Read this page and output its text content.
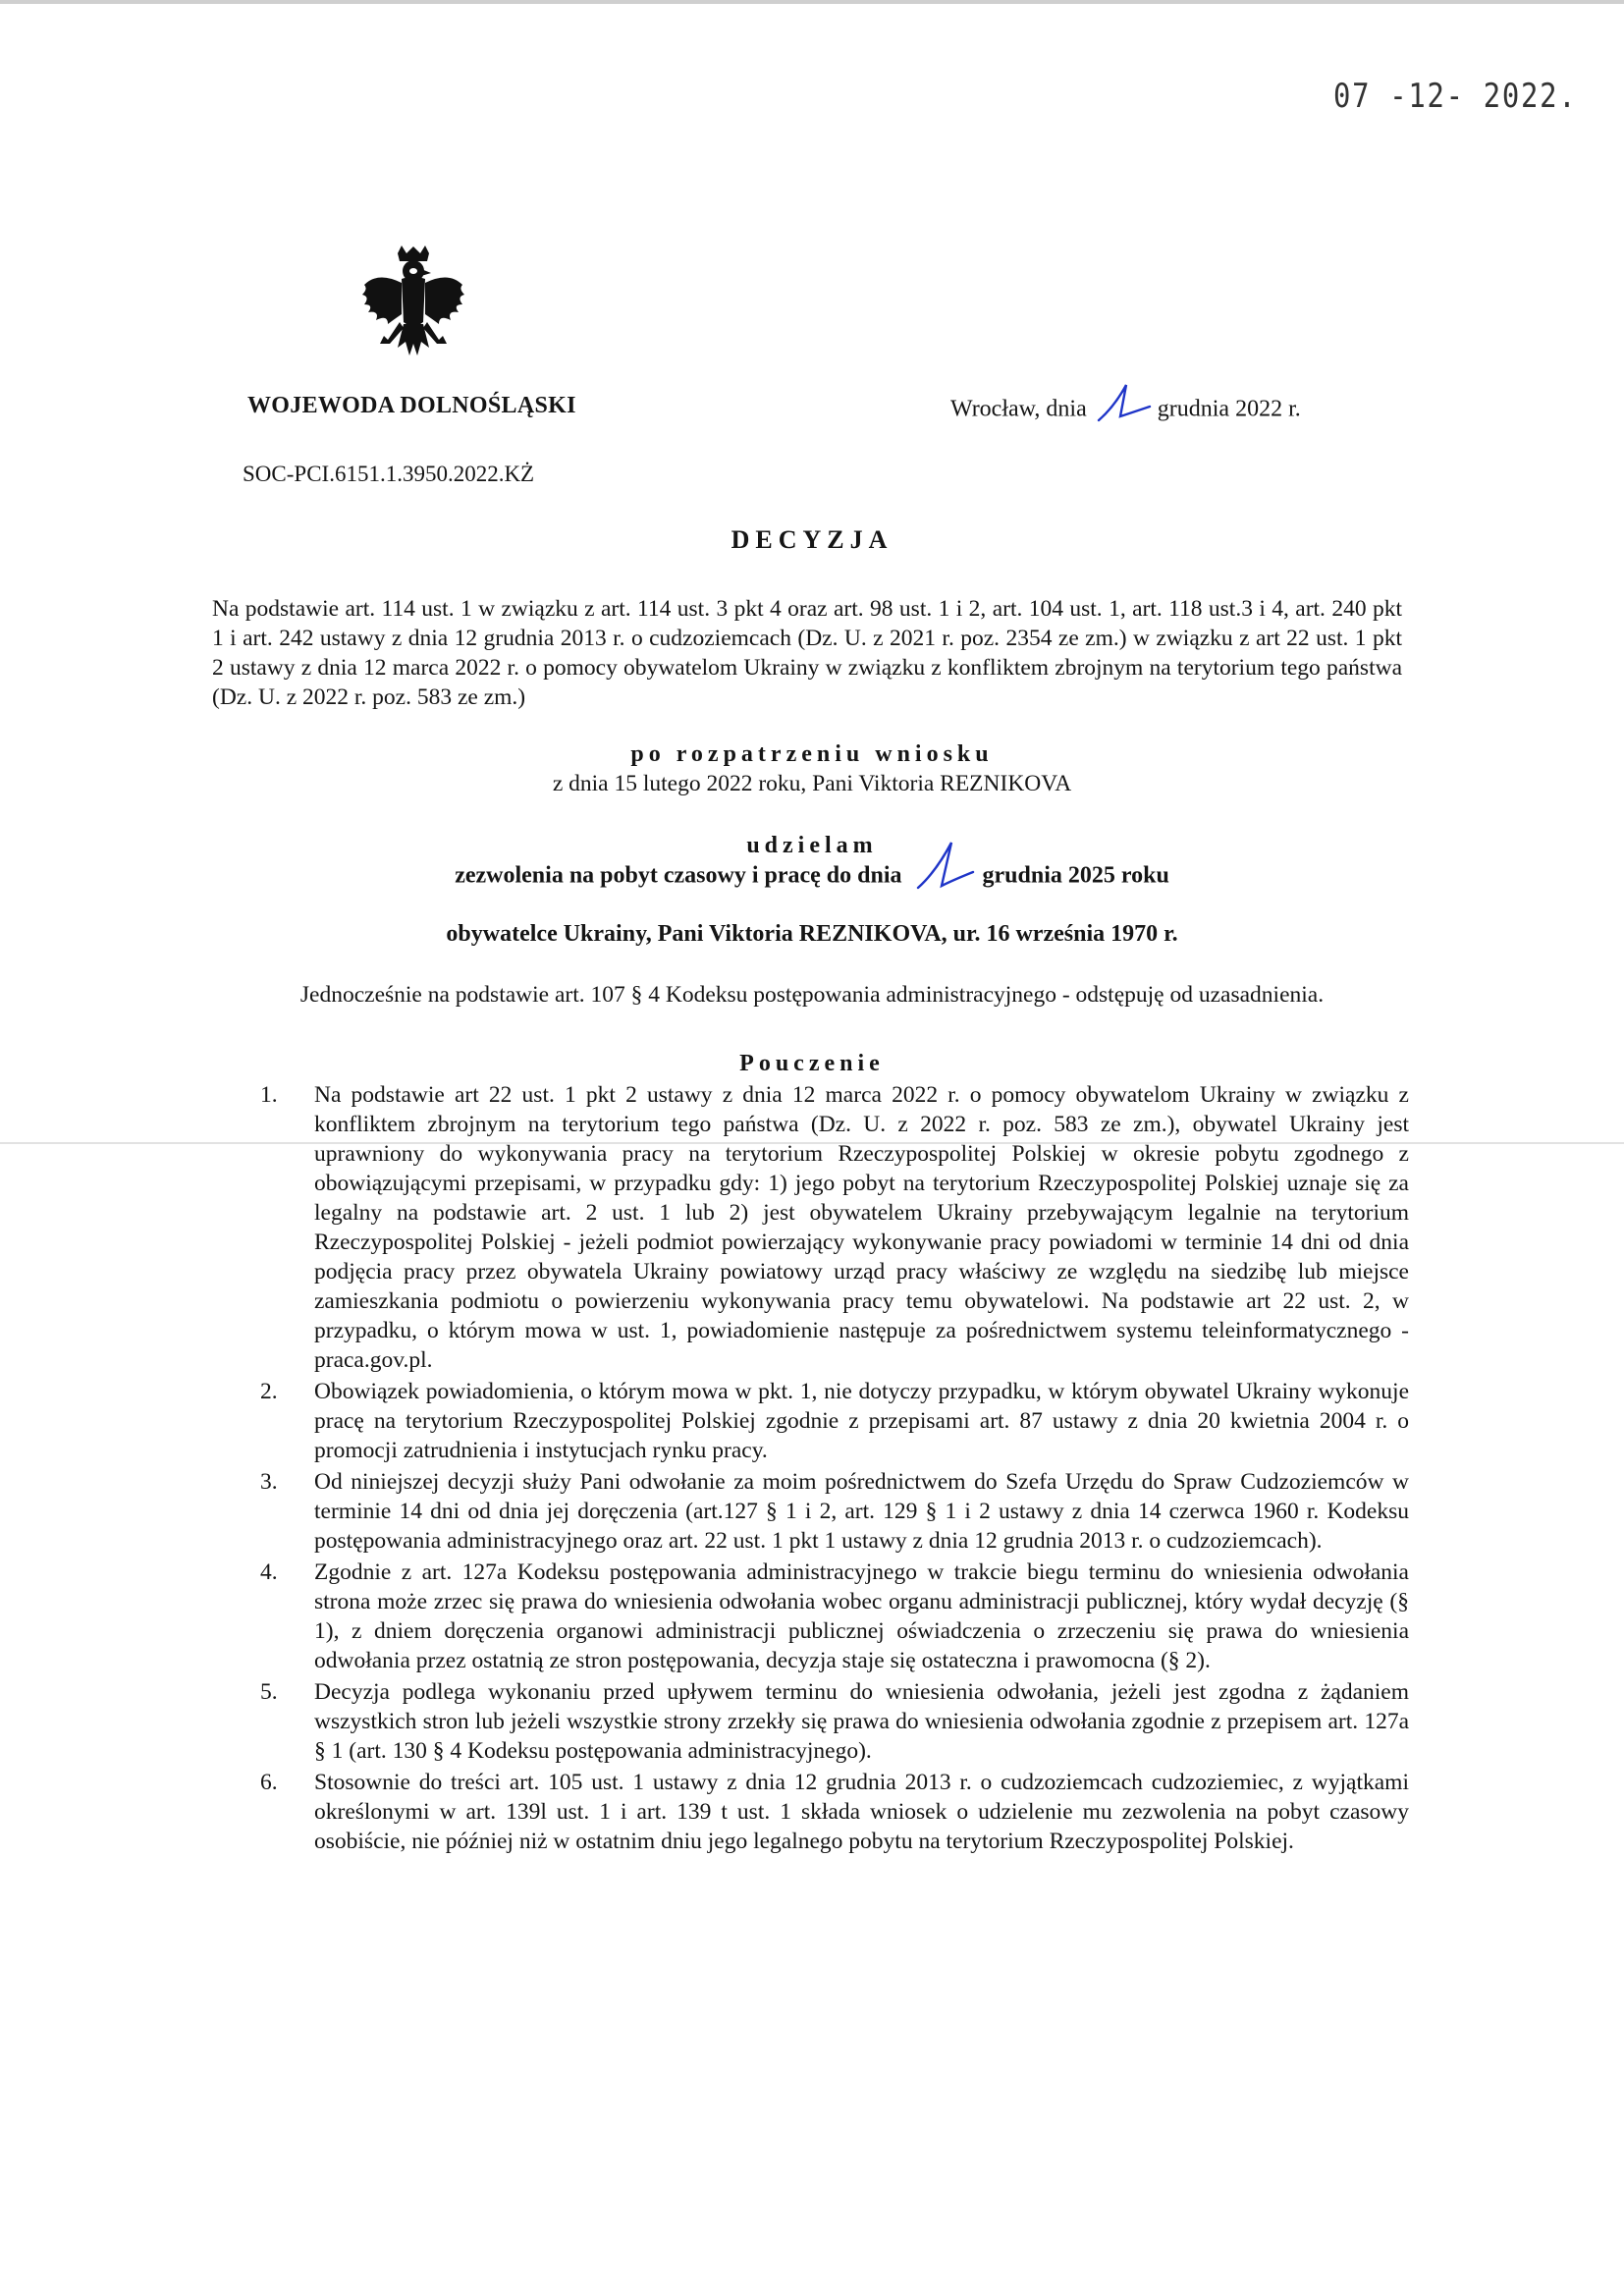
07 -12- 2022.
WOJEWODA DOLNOŚLĄSKI	Wrocław, dnia	grudnia 2022 r.
SOC-PCI.6151.1.3950.2022.KŻ
DECYZJA
Na podstawie art. 114 ust. 1 w związku z art. 114 ust. 3 pkt 4 oraz art. 98 ust. 1 i 2, art. 104 ust. 1, art. 118 ust.3 i 4, art. 240 pkt 1 i art. 242 ustawy z dnia 12 grudnia 2013 r. o cudzoziemcach (Dz. U. z 2021 r. poz. 2354 ze zm.) w związku z art 22 ust. 1 pkt 2 ustawy z dnia 12 marca 2022 r. o pomocy obywatelom Ukrainy w związku z konfliktem zbrojnym na terytorium tego państwa (Dz. U. z 2022 r. poz. 583 ze zm.)
po rozpatrzeniu wniosku
z dnia 15 lutego 2022 roku, Pani Viktoria REZNIKOVA
udzielam
zezwolenia na pobyt czasowy i pracę do dnia	grudnia 2025 roku
obywatelce Ukrainy, Pani Viktoria REZNIKOVA, ur. 16 września 1970 r.
Jednocześnie na podstawie art. 107 § 4 Kodeksu postępowania administracyjnego - odstępuję od uzasadnienia.
Pouczenie
1. Na podstawie art 22 ust. 1 pkt 2 ustawy z dnia 12 marca 2022 r. o pomocy obywatelom Ukrainy w związku z konfliktem zbrojnym na terytorium tego państwa (Dz. U. z 2022 r. poz. 583 ze zm.), obywatel Ukrainy jest uprawniony do wykonywania pracy na terytorium Rzeczypospolitej Polskiej w okresie pobytu zgodnego z obowiązującymi przepisami, w przypadku gdy: 1) jego pobyt na terytorium Rzeczypospolitej Polskiej uznaje się za legalny na podstawie art. 2 ust. 1 lub 2) jest obywatelem Ukrainy przebywającym legalnie na terytorium Rzeczypospolitej Polskiej - jeżeli podmiot powierzający wykonywanie pracy powiadomi w terminie 14 dni od dnia podjęcia pracy przez obywatela Ukrainy powiatowy urząd pracy właściwy ze względu na siedzibę lub miejsce zamieszkania podmiotu o powierzeniu wykonywania pracy temu obywatelowi. Na podstawie art 22 ust. 2, w przypadku, o którym mowa w ust. 1, powiadomienie następuje za pośrednictwem systemu teleinformatycznego - praca.gov.pl.
2. Obowiązek powiadomienia, o którym mowa w pkt. 1, nie dotyczy przypadku, w którym obywatel Ukrainy wykonuje pracę na terytorium Rzeczypospolitej Polskiej zgodnie z przepisami art. 87 ustawy z dnia 20 kwietnia 2004 r. o promocji zatrudnienia i instytucjach rynku pracy.
3. Od niniejszej decyzji służy Pani odwołanie za moim pośrednictwem do Szefa Urzędu do Spraw Cudzoziemców w terminie 14 dni od dnia jej doręczenia (art.127 § 1 i 2, art. 129 § 1 i 2 ustawy z dnia 14 czerwca 1960 r. Kodeksu postępowania administracyjnego oraz art. 22 ust. 1 pkt 1 ustawy z dnia 12 grudnia 2013 r. o cudzoziemcach).
4. Zgodnie z art. 127a Kodeksu postępowania administracyjnego w trakcie biegu terminu do wniesienia odwołania strona może zrzec się prawa do wniesienia odwołania wobec organu administracji publicznej, który wydał decyzję (§ 1), z dniem doręczenia organowi administracji publicznej oświadczenia o zrzeczeniu się prawa do wniesienia odwołania przez ostatnią ze stron postępowania, decyzja staje się ostateczna i prawomocna (§ 2).
5. Decyzja podlega wykonaniu przed upływem terminu do wniesienia odwołania, jeżeli jest zgodna z żądaniem wszystkich stron lub jeżeli wszystkie strony zrzekły się prawa do wniesienia odwołania zgodnie z przepisem art. 127a § 1 (art. 130 § 4 Kodeksu postępowania administracyjnego).
6. Stosownie do treści art. 105 ust. 1 ustawy z dnia 12 grudnia 2013 r. o cudzoziemcach cudzoziemiec, z wyjątkami określonymi w art. 139l ust. 1 i art. 139 t ust. 1 składa wniosek o udzielenie mu zezwolenia na pobyt czasowy osobiście, nie później niż w ostatnim dniu jego legalnego pobytu na terytorium Rzeczypospolitej Polskiej.
